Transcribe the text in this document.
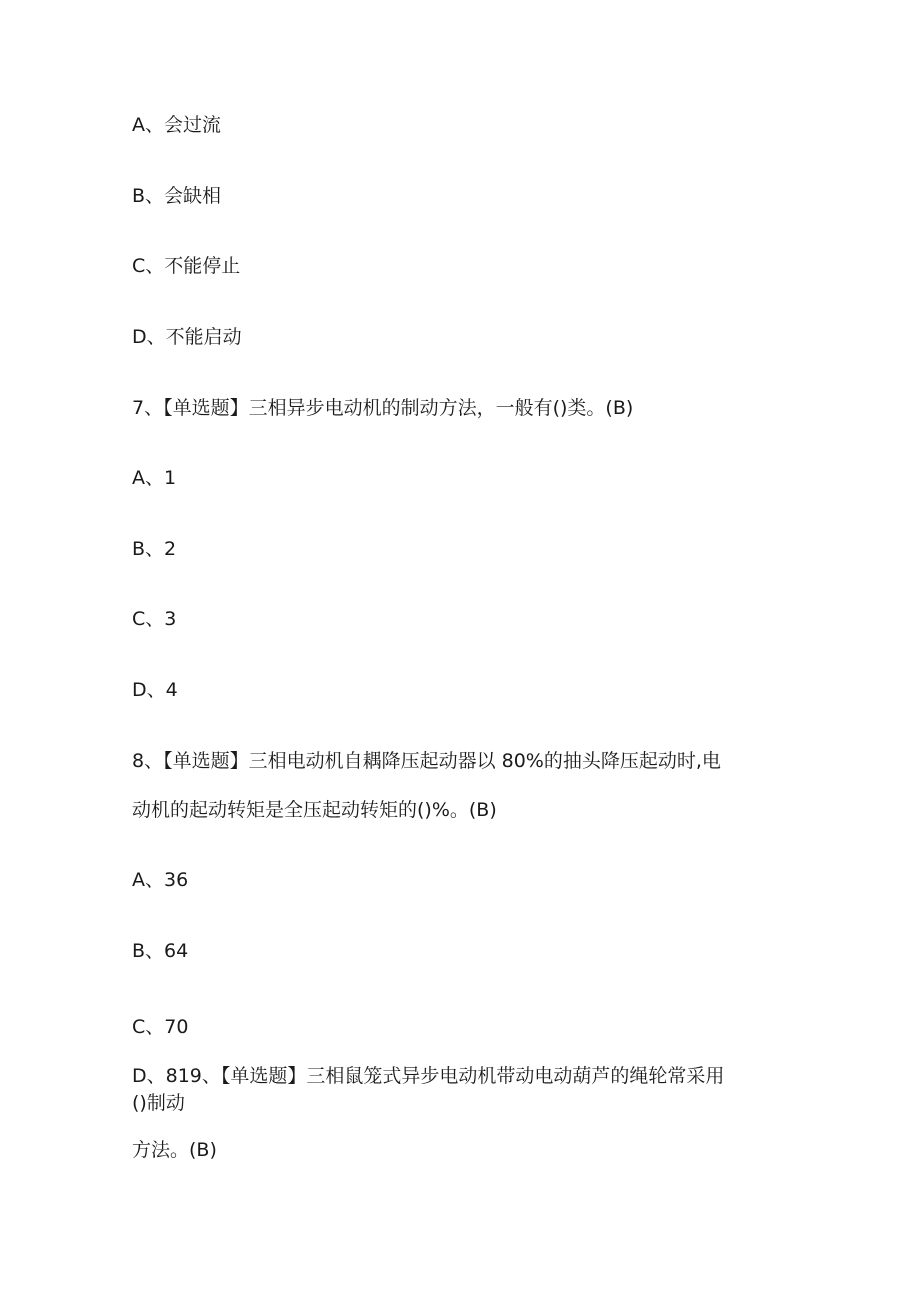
A、会过流
B、会缺相
C、不能停止
D、不能启动
7、【单选题】三相异步电动机的制动方法，一般有()类。(B)
A、1
B、2
C、3
D、4
8、【单选题】三相电动机自耦降压起动器以 80%的抽头降压起动时,电
动机的起动转矩是全压起动转矩的()%。(B)
A、36
B、64
C、70
D、819、【单选题】三相鼠笼式异步电动机带动电动葫芦的绳轮常采用
()制动
方法。(B)
